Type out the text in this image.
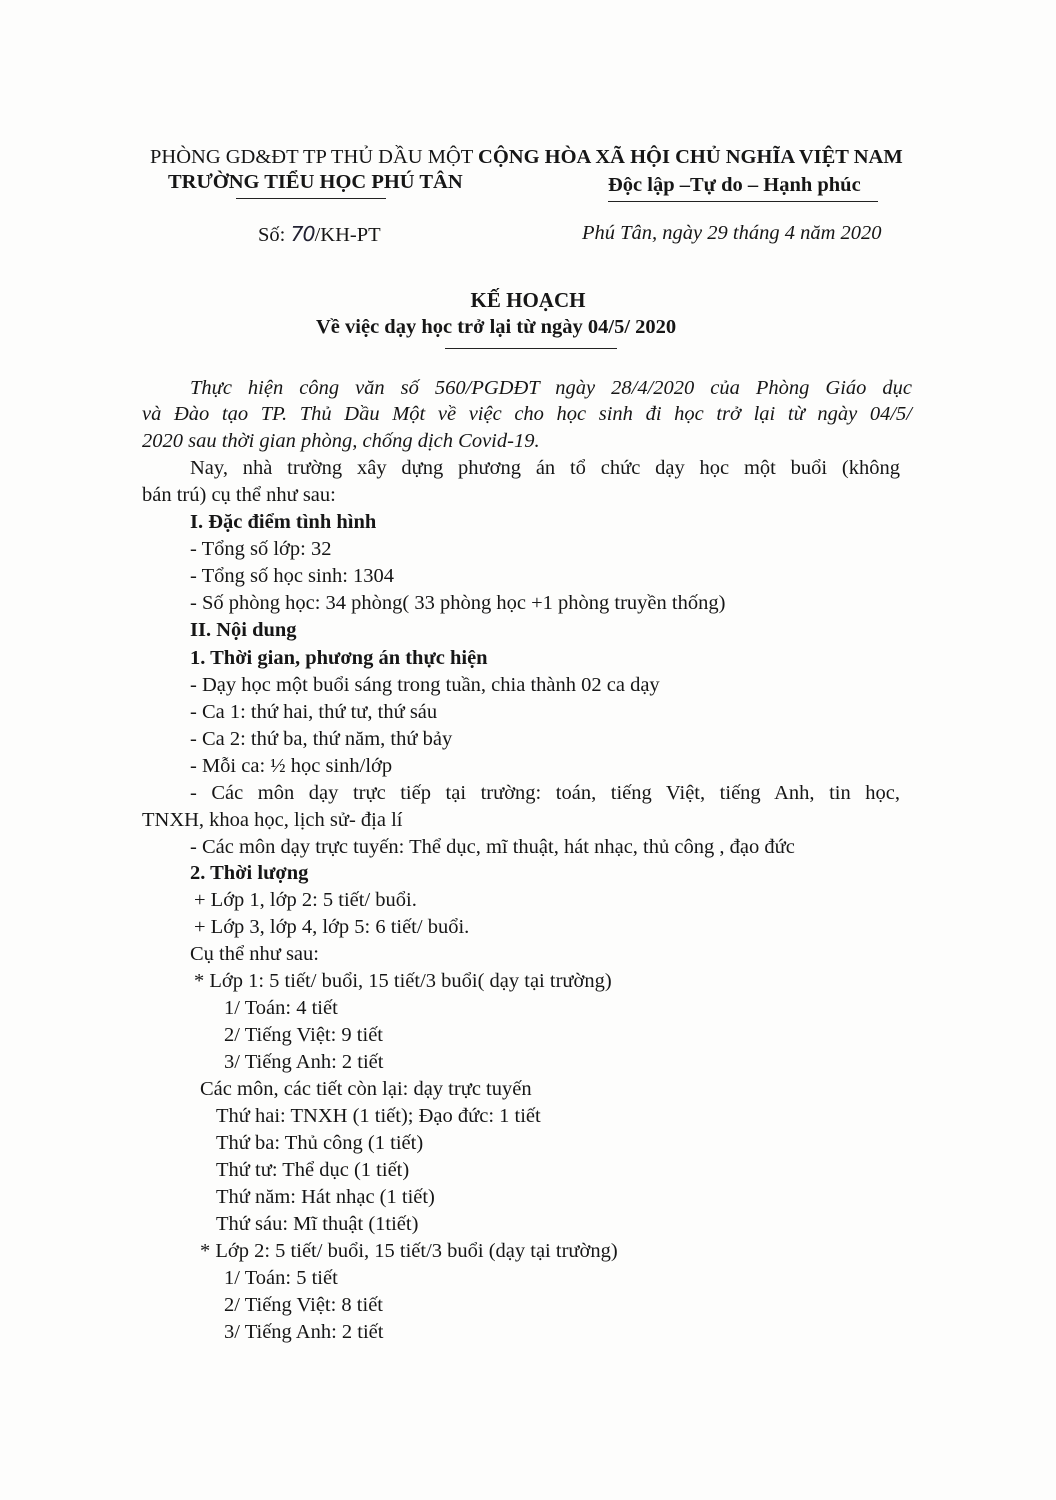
PHÒNG GD&ĐT TP THỦ DẦU MỘT CỘNG HÒA XÃ HỘI CHỦ NGHĨA VIỆT NAM
TRƯỜNG TIỂU HỌC PHÚ TÂN	Độc lập –Tự do – Hạnh phúc
Số: 70/KH-PT	Phú Tân, ngày 29 tháng 4 năm 2020
KẾ HOẠCH
Về việc dạy học trở lại từ ngày 04/5/ 2020
Thực hiện công văn số 560/PGDĐT ngày 28/4/2020 của Phòng Giáo dục
và Đào tạo TP. Thủ Dầu Một về việc cho học sinh đi học trở lại từ ngày 04/5/
2020 sau thời gian phòng, chống dịch Covid-19.
Nay, nhà trường xây dựng phương án tổ chức dạy học một buổi (không
bán trú) cụ thể như sau:
I. Đặc điểm tình hình
- Tổng số lớp: 32
- Tổng số học sinh: 1304
- Số phòng học: 34 phòng( 33 phòng học +1 phòng truyền thống)
II. Nội dung
1. Thời gian, phương án thực hiện
- Dạy học một buổi sáng trong tuần, chia thành 02 ca dạy
- Ca 1: thứ hai, thứ tư, thứ sáu
- Ca 2: thứ ba, thứ năm, thứ bảy
- Mỗi ca: ½ học sinh/lớp
- Các môn dạy trực tiếp tại trường: toán, tiếng Việt, tiếng Anh, tin học,
TNXH, khoa học, lịch sử- địa lí
- Các môn dạy trực tuyến: Thể dục, mĩ thuật, hát nhạc, thủ công , đạo đức
2. Thời lượng
+ Lớp 1, lớp 2: 5 tiết/ buổi.
+ Lớp 3, lớp 4, lớp 5: 6 tiết/ buổi.
Cụ thể như sau:
* Lớp 1: 5 tiết/ buổi, 15 tiết/3 buổi( dạy tại trường)
1/ Toán: 4 tiết
2/ Tiếng Việt: 9 tiết
3/ Tiếng Anh: 2 tiết
Các môn, các tiết còn lại: dạy trực tuyến
Thứ hai: TNXH (1 tiết); Đạo đức: 1 tiết
Thứ ba: Thủ công (1 tiết)
Thứ tư: Thể dục (1 tiết)
Thứ năm: Hát nhạc (1 tiết)
Thứ sáu: Mĩ thuật (1tiết)
* Lớp 2: 5 tiết/ buổi, 15 tiết/3 buổi (dạy tại trường)
1/ Toán: 5 tiết
2/ Tiếng Việt: 8 tiết
3/ Tiếng Anh: 2 tiết
